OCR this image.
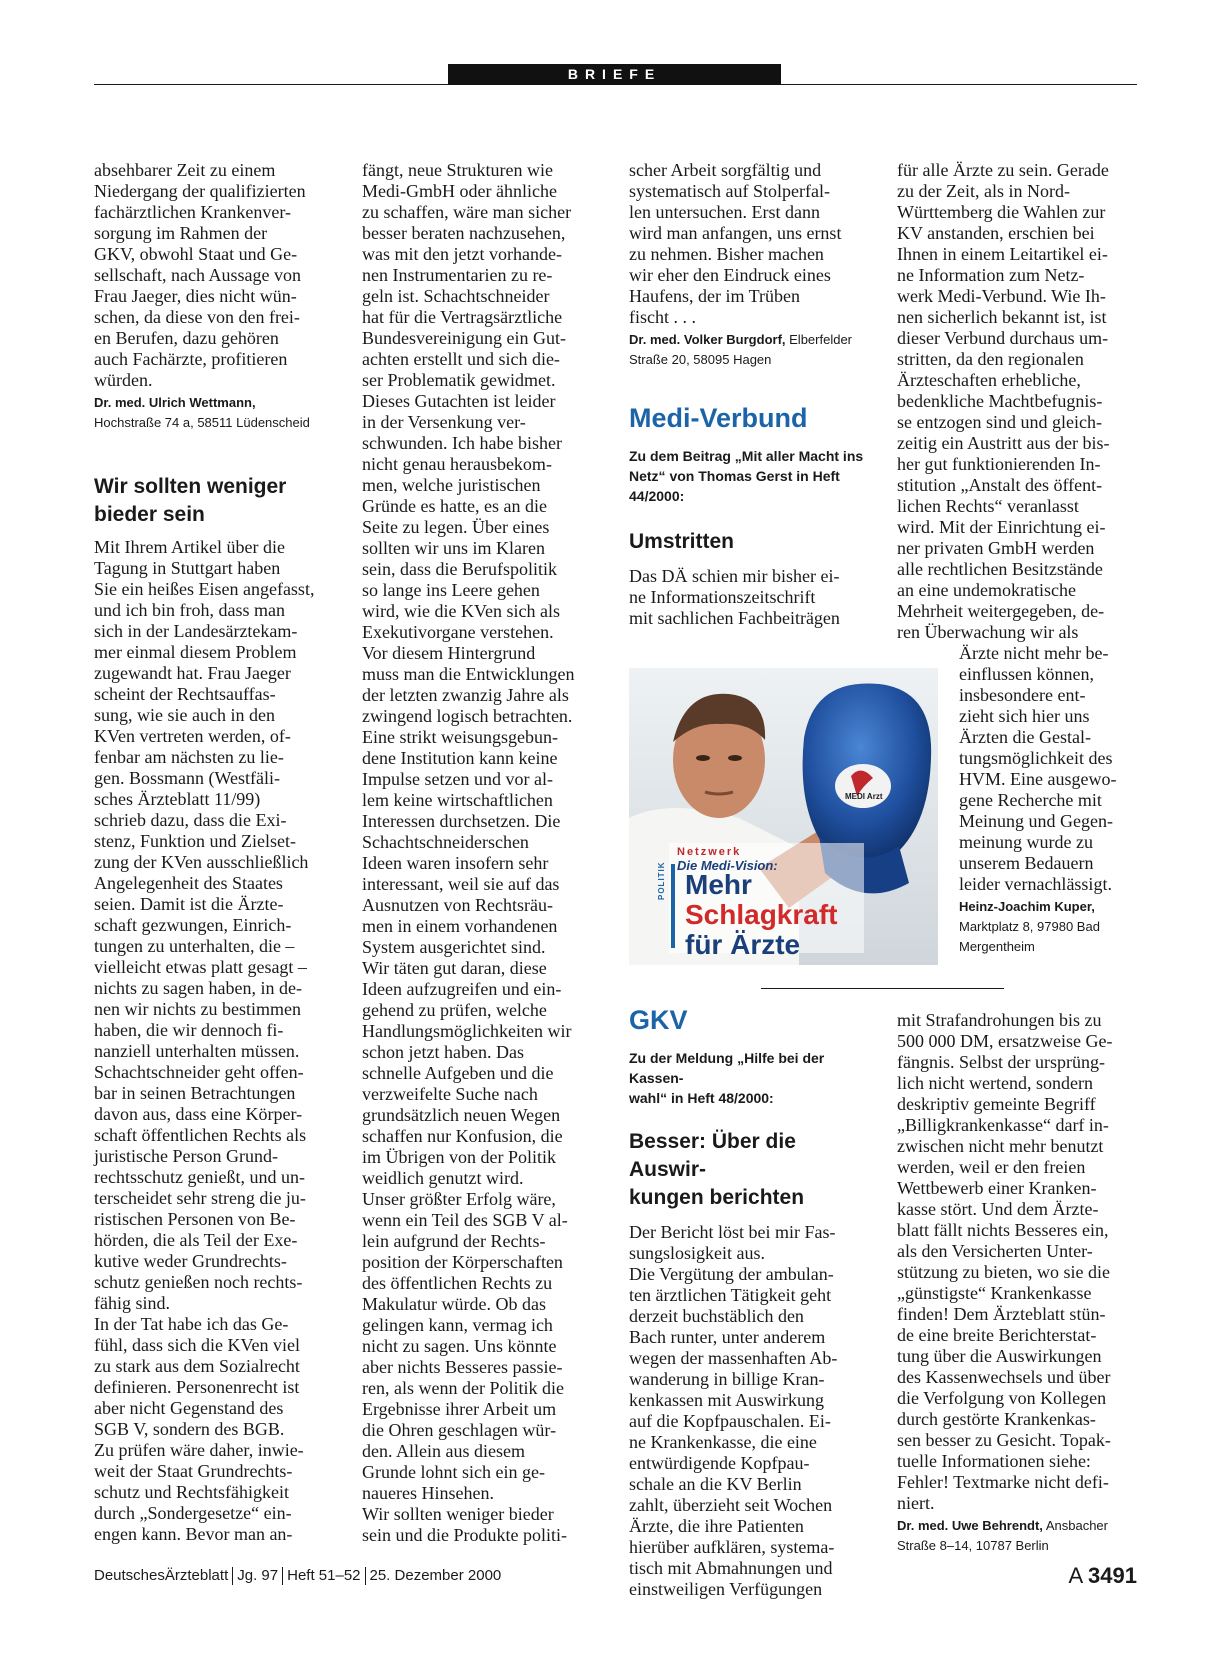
BRIEFE

absehbarer Zeit zu einem
Niedergang der qualifizierten
fachärztlichen Krankenver-
sorgung im Rahmen der
GKV, obwohl Staat und Ge-
sellschaft, nach Aussage von
Frau Jaeger, dies nicht wün-
schen, da diese von den frei-
en Berufen, dazu gehören
auch Fachärzte, profitieren
würden.

Dr. med. Ulrich Wettmann,
Hochstraße 74 a, 58511 Lüdenscheid

Wir sollten weniger
bieder sein

Mit Ihrem Artikel über die
Tagung in Stuttgart haben
Sie ein heißes Eisen angefasst,
und ich bin froh, dass man
sich in der Landesärztekam-
mer einmal diesem Problem
zugewandt hat. Frau Jaeger
scheint der Rechtsauffas-
sung, wie sie auch in den
KVen vertreten werden, of-
fenbar am nächsten zu lie-
gen. Bossmann (Westfäli-
sches Ärzteblatt 11/99)
schrieb dazu, dass die Exi-
stenz, Funktion und Zielset-
zung der KVen ausschließlich
Angelegenheit des Staates
seien. Damit ist die Ärzte-
schaft gezwungen, Einrich-
tungen zu unterhalten, die –
vielleicht etwas platt gesagt –
nichts zu sagen haben, in de-
nen wir nichts zu bestimmen
haben, die wir dennoch fi-
nanziell unterhalten müssen.
Schachtschneider geht offen-
bar in seinen Betrachtungen
davon aus, dass eine Körper-
schaft öffentlichen Rechts als
juristische Person Grund-
rechtsschutz genießt, und un-
terscheidet sehr streng die ju-
ristischen Personen von Be-
hörden, die als Teil der Exe-
kutive weder Grundrechts-
schutz genießen noch rechts-
fähig sind.
In der Tat habe ich das Ge-
fühl, dass sich die KVen viel
zu stark aus dem Sozialrecht
definieren. Personenrecht ist
aber nicht Gegenstand des
SGB V, sondern des BGB.
Zu prüfen wäre daher, inwie-
weit der Staat Grundrechts-
schutz und Rechtsfähigkeit
durch „Sondergesetze“ ein-
engen kann. Bevor man an-

fängt, neue Strukturen wie
Medi-GmbH oder ähnliche
zu schaffen, wäre man sicher
besser beraten nachzusehen,
was mit den jetzt vorhande-
nen Instrumentarien zu re-
geln ist. Schachtschneider
hat für die Vertragsärztliche
Bundesvereinigung ein Gut-
achten erstellt und sich die-
ser Problematik gewidmet.
Dieses Gutachten ist leider
in der Versenkung ver-
schwunden. Ich habe bisher
nicht genau herausbekom-
men, welche juristischen
Gründe es hatte, es an die
Seite zu legen. Über eines
sollten wir uns im Klaren
sein, dass die Berufspolitik
so lange ins Leere gehen
wird, wie die KVen sich als
Exekutivorgane verstehen.
Vor diesem Hintergrund
muss man die Entwicklungen
der letzten zwanzig Jahre als
zwingend logisch betrachten.
Eine strikt weisungsgebun-
dene Institution kann keine
Impulse setzen und vor al-
lem keine wirtschaftlichen
Interessen durchsetzen. Die
Schachtschneiderschen
Ideen waren insofern sehr
interessant, weil sie auf das
Ausnutzen von Rechtsräu-
men in einem vorhandenen
System ausgerichtet sind.
Wir täten gut daran, diese
Ideen aufzugreifen und ein-
gehend zu prüfen, welche
Handlungsmöglichkeiten wir
schon jetzt haben. Das
schnelle Aufgeben und die
verzweifelte Suche nach
grundsätzlich neuen Wegen
schaffen nur Konfusion, die
im Übrigen von der Politik
weidlich genutzt wird.
Unser größter Erfolg wäre,
wenn ein Teil des SGB V al-
lein aufgrund der Rechts-
position der Körperschaften
des öffentlichen Rechts zu
Makulatur würde. Ob das
gelingen kann, vermag ich
nicht zu sagen. Uns könnte
aber nichts Besseres passie-
ren, als wenn der Politik die
Ergebnisse ihrer Arbeit um
die Ohren geschlagen wür-
den. Allein aus diesem
Grunde lohnt sich ein ge-
naueres Hinsehen.
Wir sollten weniger bieder
sein und die Produkte politi-

scher Arbeit sorgfältig und
systematisch auf Stolperfal-
len untersuchen. Erst dann
wird man anfangen, uns ernst
zu nehmen. Bisher machen
wir eher den Eindruck eines
Haufens, der im Trüben
fischt . . .

Dr. med. Volker Burgdorf, Elberfelder
Straße 20, 58095 Hagen

Medi-Verbund

Zu dem Beitrag „Mit aller Macht ins
Netz“ von Thomas Gerst in Heft
44/2000:

Umstritten

Das DÄ schien mir bisher ei-
ne Informationszeitschrift
mit sachlichen Fachbeiträgen

Netzwerk
Die Medi-Vision:
Mehr
Schlagkraft
für Ärzte
POLITIK
MEDI Arzt

für alle Ärzte zu sein. Gerade
zu der Zeit, als in Nord-
Württemberg die Wahlen zur
KV anstanden, erschien bei
Ihnen in einem Leitartikel ei-
ne Information zum Netz-
werk Medi-Verbund. Wie Ih-
nen sicherlich bekannt ist, ist
dieser Verbund durchaus um-
stritten, da den regionalen
Ärzteschaften erhebliche,
bedenkliche Machtbefugnis-
se entzogen sind und gleich-
zeitig ein Austritt aus der bis-
her gut funktionierenden In-
stitution „Anstalt des öffent-
lichen Rechts“ veranlasst
wird. Mit der Einrichtung ei-
ner privaten GmbH werden
alle rechtlichen Besitzstände
an eine undemokratische
Mehrheit weitergegeben, de-
ren Überwachung wir als

Ärzte nicht mehr be-
einflussen können,
insbesondere ent-
zieht sich hier uns
Ärzten die Gestal-
tungsmöglichkeit des
HVM. Eine ausgewo-
gene Recherche mit
Meinung und Gegen-
meinung wurde zu
unserem Bedauern
leider vernachlässigt.

Heinz-Joachim Kuper,
Marktplatz 8, 97980 Bad
Mergentheim

GKV

Zu der Meldung „Hilfe bei der Kassen-
wahl“ in Heft 48/2000:

Besser: Über die Auswir-
kungen berichten

Der Bericht löst bei mir Fas-
sungslosigkeit aus.
Die Vergütung der ambulan-
ten ärztlichen Tätigkeit geht
derzeit buchstäblich den
Bach runter, unter anderem
wegen der massenhaften Ab-
wanderung in billige Kran-
kenkassen mit Auswirkung
auf die Kopfpauschalen. Ei-
ne Krankenkasse, die eine
entwürdigende Kopfpau-
schale an die KV Berlin
zahlt, überzieht seit Wochen
Ärzte, die ihre Patienten
hierüber aufklären, systema-
tisch mit Abmahnungen und
einstweiligen Verfügungen

mit Strafandrohungen bis zu
500 000 DM, ersatzweise Ge-
fängnis. Selbst der ursprüng-
lich nicht wertend, sondern
deskriptiv gemeinte Begriff
„Billigkrankenkasse“ darf in-
zwischen nicht mehr benutzt
werden, weil er den freien
Wettbewerb einer Kranken-
kasse stört. Und dem Ärzte-
blatt fällt nichts Besseres ein,
als den Versicherten Unter-
stützung zu bieten, wo sie die
„günstigste“ Krankenkasse
finden! Dem Ärzteblatt stün-
de eine breite Berichterstat-
tung über die Auswirkungen
des Kassenwechsels und über
die Verfolgung von Kollegen
durch gestörte Krankenkas-
sen besser zu Gesicht. Topak-
tuelle Informationen siehe:
Fehler! Textmarke nicht defi-
niert.

Dr. med. Uwe Behrendt, Ansbacher
Straße 8–14, 10787 Berlin

DeutschesÄrzteblatt Jg. 97 Heft 51–52 25. Dezember 2000	A 3491
